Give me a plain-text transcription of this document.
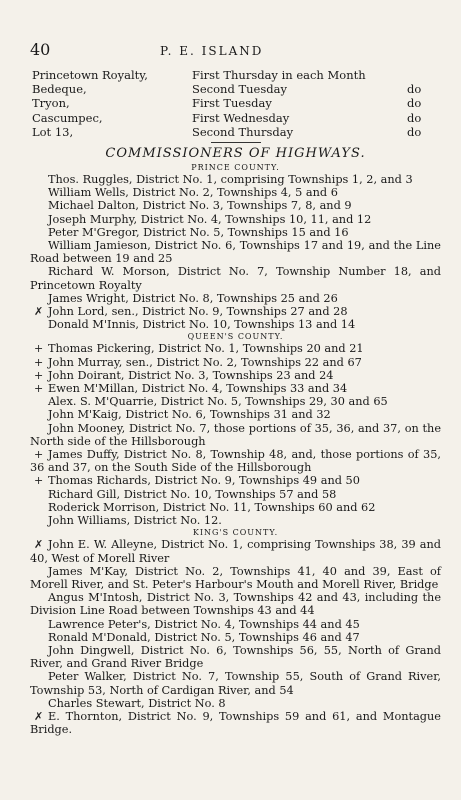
40	P. E. ISLAND
Princetown Royalty,	First Thursday in each Month
Bedeque,	Second Tuesday	do
Tryon,	First Tuesday	do
Cascumpec,	First Wednesday	do
Lot 13,	Second Thursday	do
COMMISSIONERS OF HIGHWAYS.
PRINCE COUNTY.

Thos. Ruggles, District No. 1, comprising Townships 1, 2, and 3

William Wells, District No. 2, Townships 4, 5 and 6

Michael Dalton, District No. 3, Townships 7, 8, and 9

Joseph Murphy, District No. 4, Townships 10, 11, and 12

Peter M'Gregor, District No. 5, Townships 15 and 16

William Jamieson, District No. 6, Townships 17 and 19, and the Line Road between 19 and 25

Richard W. Morson, District No. 7, Township Number 18, and Princetown Royalty

James Wright, District No. 8, Townships 25 and 26

✗ John Lord, sen., District No. 9, Townships 27 and 28

Donald M'Innis, District No. 10, Townships 13 and 14

QUEEN'S COUNTY.

+ Thomas Pickering, District No. 1, Townships 20 and 21

+ John Murray, sen., District No. 2, Townships 22 and 67

+ John Doirant, District No. 3, Townships 23 and 24

+ Ewen M'Millan, District No. 4, Townships 33 and 34

Alex. S. M'Quarrie, District No. 5, Townships 29, 30 and 65

John M'Kaig, District No. 6, Townships 31 and 32

John Mooney, District No. 7, those portions of 35, 36, and 37, on the North side of the Hillsborough

+ James Duffy, District No. 8, Township 48, and, those portions of 35, 36 and 37, on the South Side of the Hillsborough

+ Thomas Richards, District No. 9, Townships 49 and 50

Richard Gill, District No. 10, Townships 57 and 58

Roderick Morrison, District No. 11, Townships 60 and 62

John Williams, District No. 12.

KING'S COUNTY.

✗ John E. W. Alleyne, District No. 1, comprising Townships 38, 39 and 40, West of Morell River

James M'Kay, District No. 2, Townships 41, 40 and 39, East of Morell River, and St. Peter's Harbour's Mouth and Morell River, Bridge

Angus M'Intosh, District No. 3, Townships 42 and 43, including the Division Line Road between Townships 43 and 44

Lawrence Peter's, District No. 4, Townships 44 and 45

Ronald M'Donald, District No. 5, Townships 46 and 47

John Dingwell, District No. 6, Townships 56, 55, North of Grand River, and Grand River Bridge

Peter Walker, District No. 7, Township 55, South of Grand River, Township 53, North of Cardigan River, and 54

Charles Stewart, District No. 8

✗ E. Thornton, District No. 9, Townships 59 and 61, and Montague Bridge.
